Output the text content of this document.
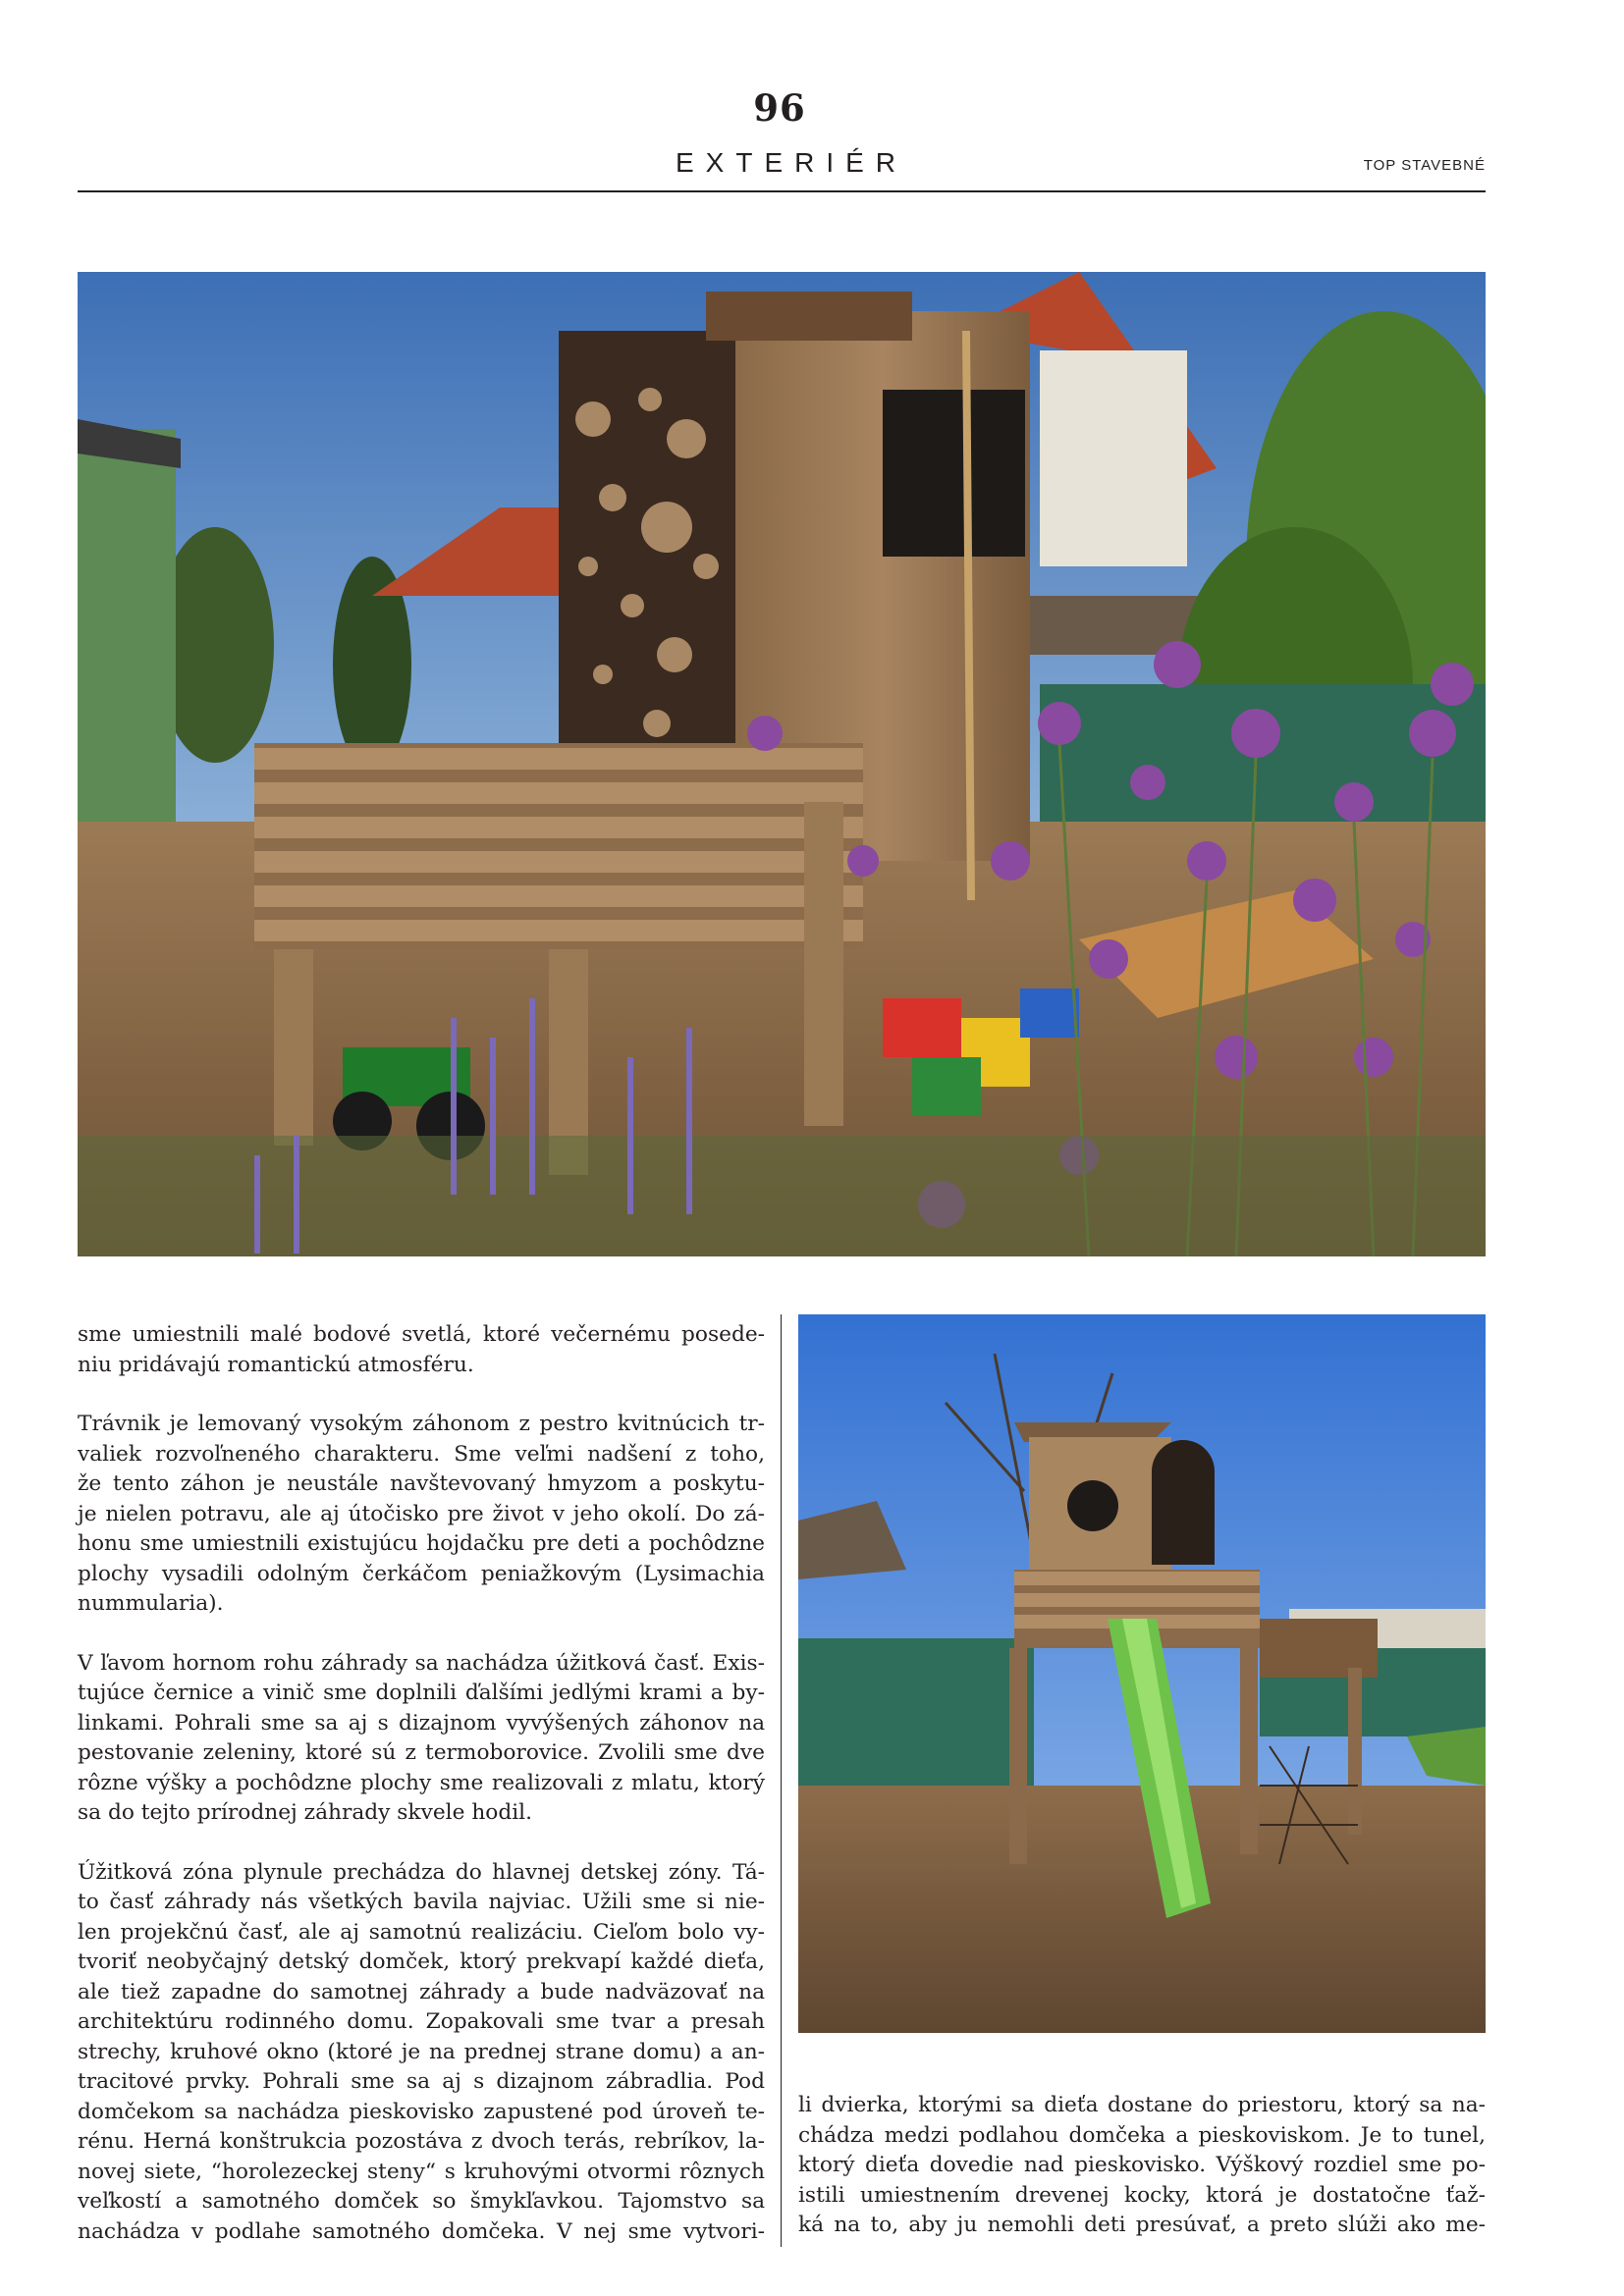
96
EXTERIÉR	TOP STAVEBNÉ

sme umiestnili malé bodové svetlá, ktoré večernému posede-
niu pridávajú romantickú atmosféru.

Trávnik je lemovaný vysokým záhonom z pestro kvitnúcich tr-
valiek rozvoľneného charakteru. Sme veľmi nadšení z toho,
že tento záhon je neustále navštevovaný hmyzom a poskytu-
je nielen potravu, ale aj útočisko pre život v jeho okolí. Do zá-
honu sme umiestnili existujúcu hojdačku pre deti a pochôdzne
plochy vysadili odolným čerkáčom peniažkovým (Lysimachia
nummularia).

V ľavom hornom rohu záhrady sa nachádza úžitková časť. Exis-
tujúce černice a vinič sme doplnili ďalšími jedlými krami a by-
linkami. Pohrali sme sa aj s dizajnom vyvýšených záhonov na
pestovanie zeleniny, ktoré sú z termoborovice. Zvolili sme dve
rôzne výšky a pochôdzne plochy sme realizovali z mlatu, ktorý
sa do tejto prírodnej záhrady skvele hodil.

Úžitková zóna plynule prechádza do hlavnej detskej zóny. Tá-
to časť záhrady nás všetkých bavila najviac. Užili sme si nie-
len projekčnú časť, ale aj samotnú realizáciu. Cieľom bolo vy-
tvoriť neobyčajný detský domček, ktorý prekvapí každé dieťa,
ale tiež zapadne do samotnej záhrady a bude nadväzovať na
architektúru rodinného domu. Zopakovali sme tvar a presah
strechy, kruhové okno (ktoré je na prednej strane domu) a an-
tracitové prvky. Pohrali sme sa aj s dizajnom zábradlia. Pod
domčekom sa nachádza pieskovisko zapustené pod úroveň te-
rénu. Herná konštrukcia pozostáva z dvoch terás, rebríkov, la-
novej siete, “horolezeckej steny“ s kruhovými otvormi rôznych
veľkostí a samotného domček so šmykľavkou. Tajomstvo sa
nachádza v podlahe samotného domčeka. V nej sme vytvori-

li dvierka, ktorými sa dieťa dostane do priestoru, ktorý sa na-
chádza medzi podlahou domčeka a pieskoviskom. Je to tunel,
ktorý dieťa dovedie nad pieskovisko. Výškový rozdiel sme po-
istili umiestnením drevenej kocky, ktorá je dostatočne ťaž-
ká na to, aby ju nemohli deti presúvať, a preto slúži ako me-
